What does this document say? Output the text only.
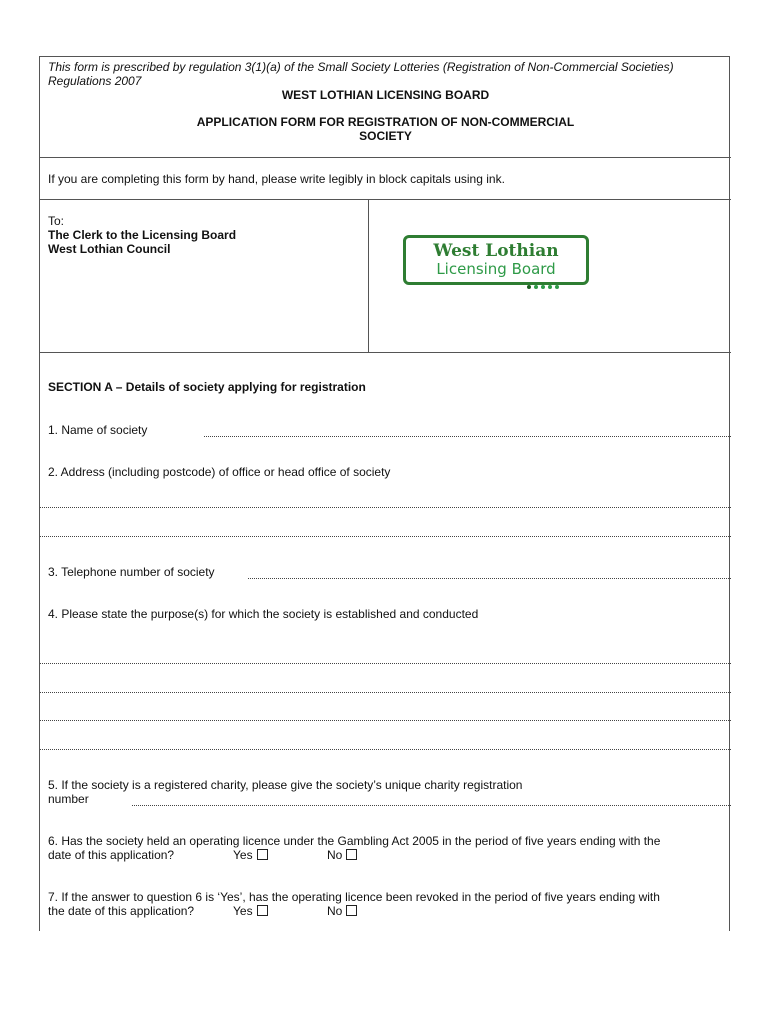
This form is prescribed by regulation 3(1)(a) of the Small Society Lotteries (Registration of Non-Commercial Societies)
Regulations 2007
WEST LOTHIAN LICENSING BOARD
APPLICATION FORM FOR REGISTRATION OF NON-COMMERCIAL
SOCIETY
If you are completing this form by hand, please write legibly in block capitals using ink.
To:
The Clerk to the Licensing Board
West Lothian Council	West Lothian
Licensing Board
SECTION A – Details of society applying for registration
1. Name of society
2. Address (including postcode) of office or head office of society
3. Telephone number of society
4. Please state the purpose(s) for which the society is established and conducted
5. If the society is a registered charity, please give the society’s unique charity registration
number
6. Has the society held an operating licence under the Gambling Act 2005 in the period of five years ending with the
date of this application?	Yes	No
7. If the answer to question 6 is ‘Yes’, has the operating licence been revoked in the period of five years ending with
the date of this application?	Yes	No
